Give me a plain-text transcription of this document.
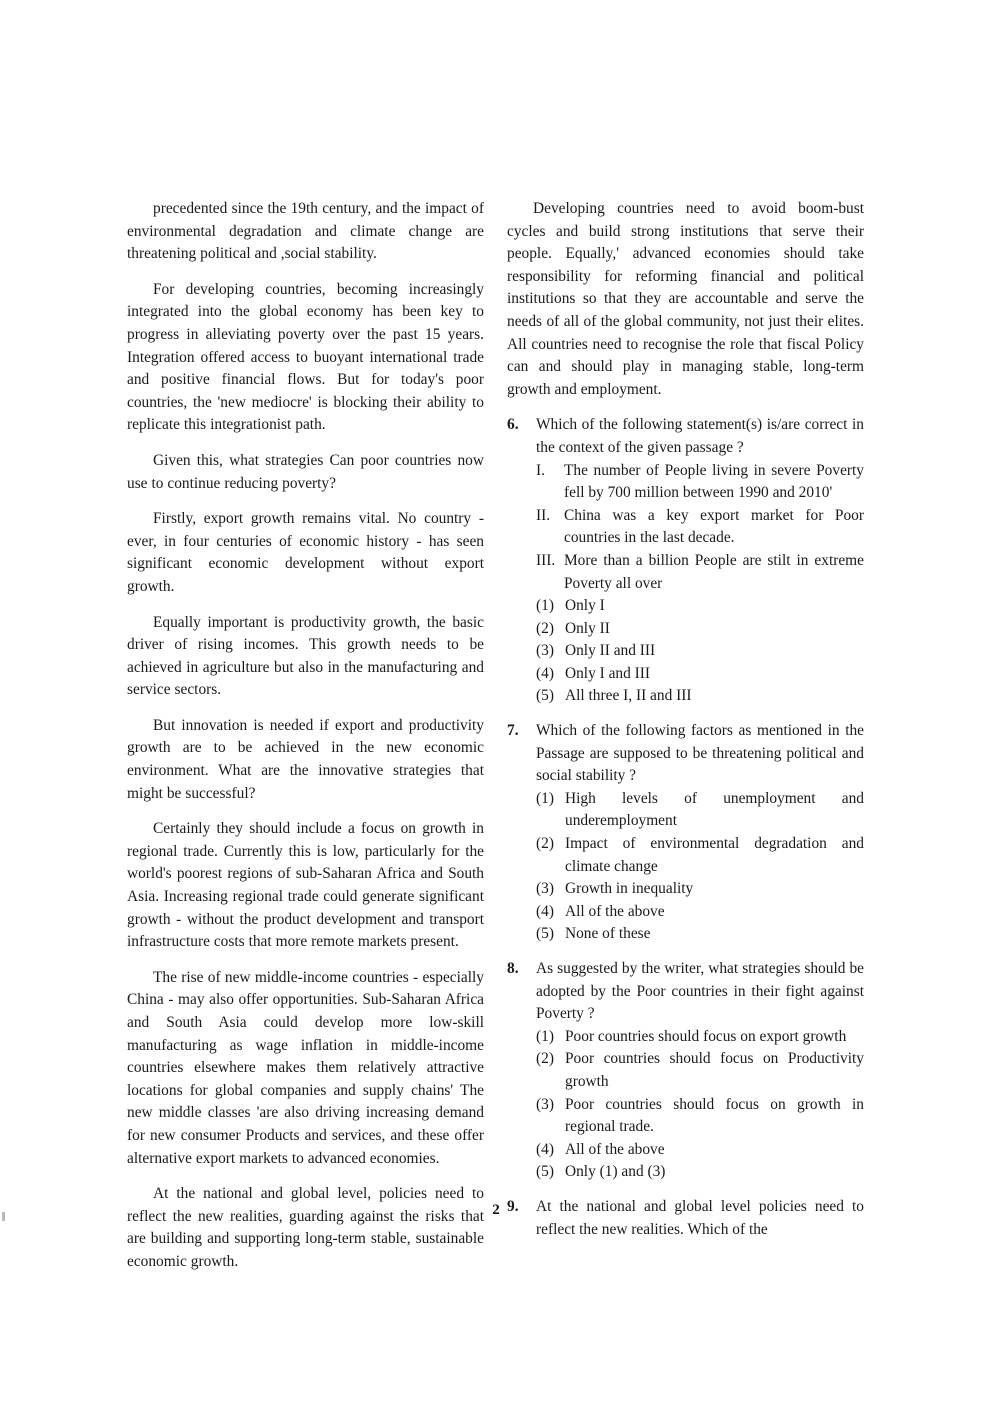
precedented since the 19th century, and the impact of environmental degradation and climate change are threatening political and ,social stability.

For developing countries, becoming increasingly integrated into the global economy has been key to progress in alleviating poverty over the past 15 years. Integration offered access to buoyant international trade and positive financial flows. But for today's poor countries, the 'new mediocre' is blocking their ability to replicate this integrationist path.

Given this, what strategies Can poor countries now use to continue reducing poverty?

Firstly, export growth remains vital. No country - ever, in four centuries of economic history - has seen significant economic development without export growth.

Equally important is productivity growth, the basic driver of rising incomes. This growth needs to be achieved in agriculture but also in the manufacturing and service sectors.

But innovation is needed if export and productivity growth are to be achieved in the new economic environment. What are the innovative strategies that might be successful?

Certainly they should include a focus on growth in regional trade. Currently this is low, particularly for the world's poorest regions of sub-Saharan Africa and South Asia. Increasing regional trade could generate significant growth - without the product development and transport infrastructure costs that more remote markets present.

The rise of new middle-income countries - especially China - may also offer opportunities. Sub-Saharan Africa and South Asia could develop more low-skill manufacturing as wage inflation in middle-income countries elsewhere makes them relatively attractive locations for global companies and supply chains' The new middle classes 'are also driving increasing demand for new consumer Products and services, and these offer alternative export markets to advanced economies.

At the national and global level, policies need to reflect the new realities, guarding against the risks that are building and supporting long-term stable, sustainable economic growth.

Developing countries need to avoid boom-bust cycles and build strong institutions that serve their people. Equally,' advanced economies should take responsibility for reforming financial and political institutions so that they are accountable and serve the needs of all of the global community, not just their elites. All countries need to recognise the role that fiscal Policy can and should play in managing stable, long-term growth and employment.

6. Which of the following statement(s) is/are correct in the context of the given passage ?
I. The number of People living in severe Poverty fell by 700 million between 1990 and 2010'
II. China was a key export market for Poor countries in the last decade.
III. More than a billion People are stilt in extreme Poverty all over
(1) Only I
(2) Only II
(3) Only II and III
(4) Only I and III
(5) All three I, II and III
7. Which of the following factors as mentioned in the Passage are supposed to be threatening political and social stability ?
(1) High levels of unemployment and underemployment
(2) Impact of environmental degradation and climate change
(3) Growth in inequality
(4) All of the above
(5) None of these
8. As suggested by the writer, what strategies should be adopted by the Poor countries in their fight against Poverty ?
(1) Poor countries should focus on export growth
(2) Poor countries should focus on Productivity growth
(3) Poor countries should focus on growth in regional trade.
(4) All of the above
(5) Only (1) and (3)
9. At the national and global level policies need to reflect the new realities. Which of the
2
